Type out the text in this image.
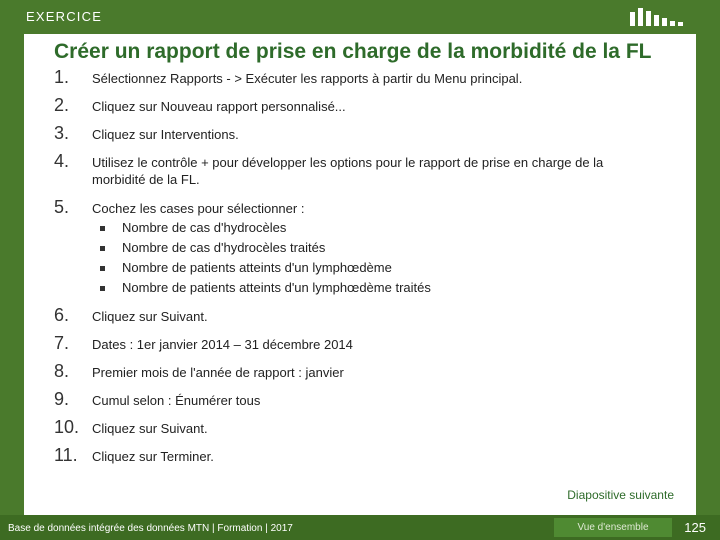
EXERCICE
Créer un rapport de prise en charge de la morbidité de la FL
1. Sélectionnez Rapports - > Exécuter les rapports à partir du Menu principal.
2. Cliquez sur Nouveau rapport personnalisé...
3. Cliquez sur Interventions.
4. Utilisez le contrôle + pour développer les options pour le rapport de prise en charge de la morbidité de la FL.
5. Cochez les cases pour sélectionner :
Nombre de cas d'hydrocèles
Nombre de cas d'hydrocèles traités
Nombre de patients atteints d'un lymphœdème
Nombre de patients atteints d'un lymphœdème traités
6. Cliquez sur Suivant.
7. Dates : 1er janvier 2014 – 31 décembre 2014
8. Premier mois de l'année de rapport : janvier
9. Cumul selon : Énumérer tous
10. Cliquez sur Suivant.
11. Cliquez sur Terminer.
Diapositive suivante
Base de données intégrée des données MTN | Formation | 2017	Vue d'ensemble	125
